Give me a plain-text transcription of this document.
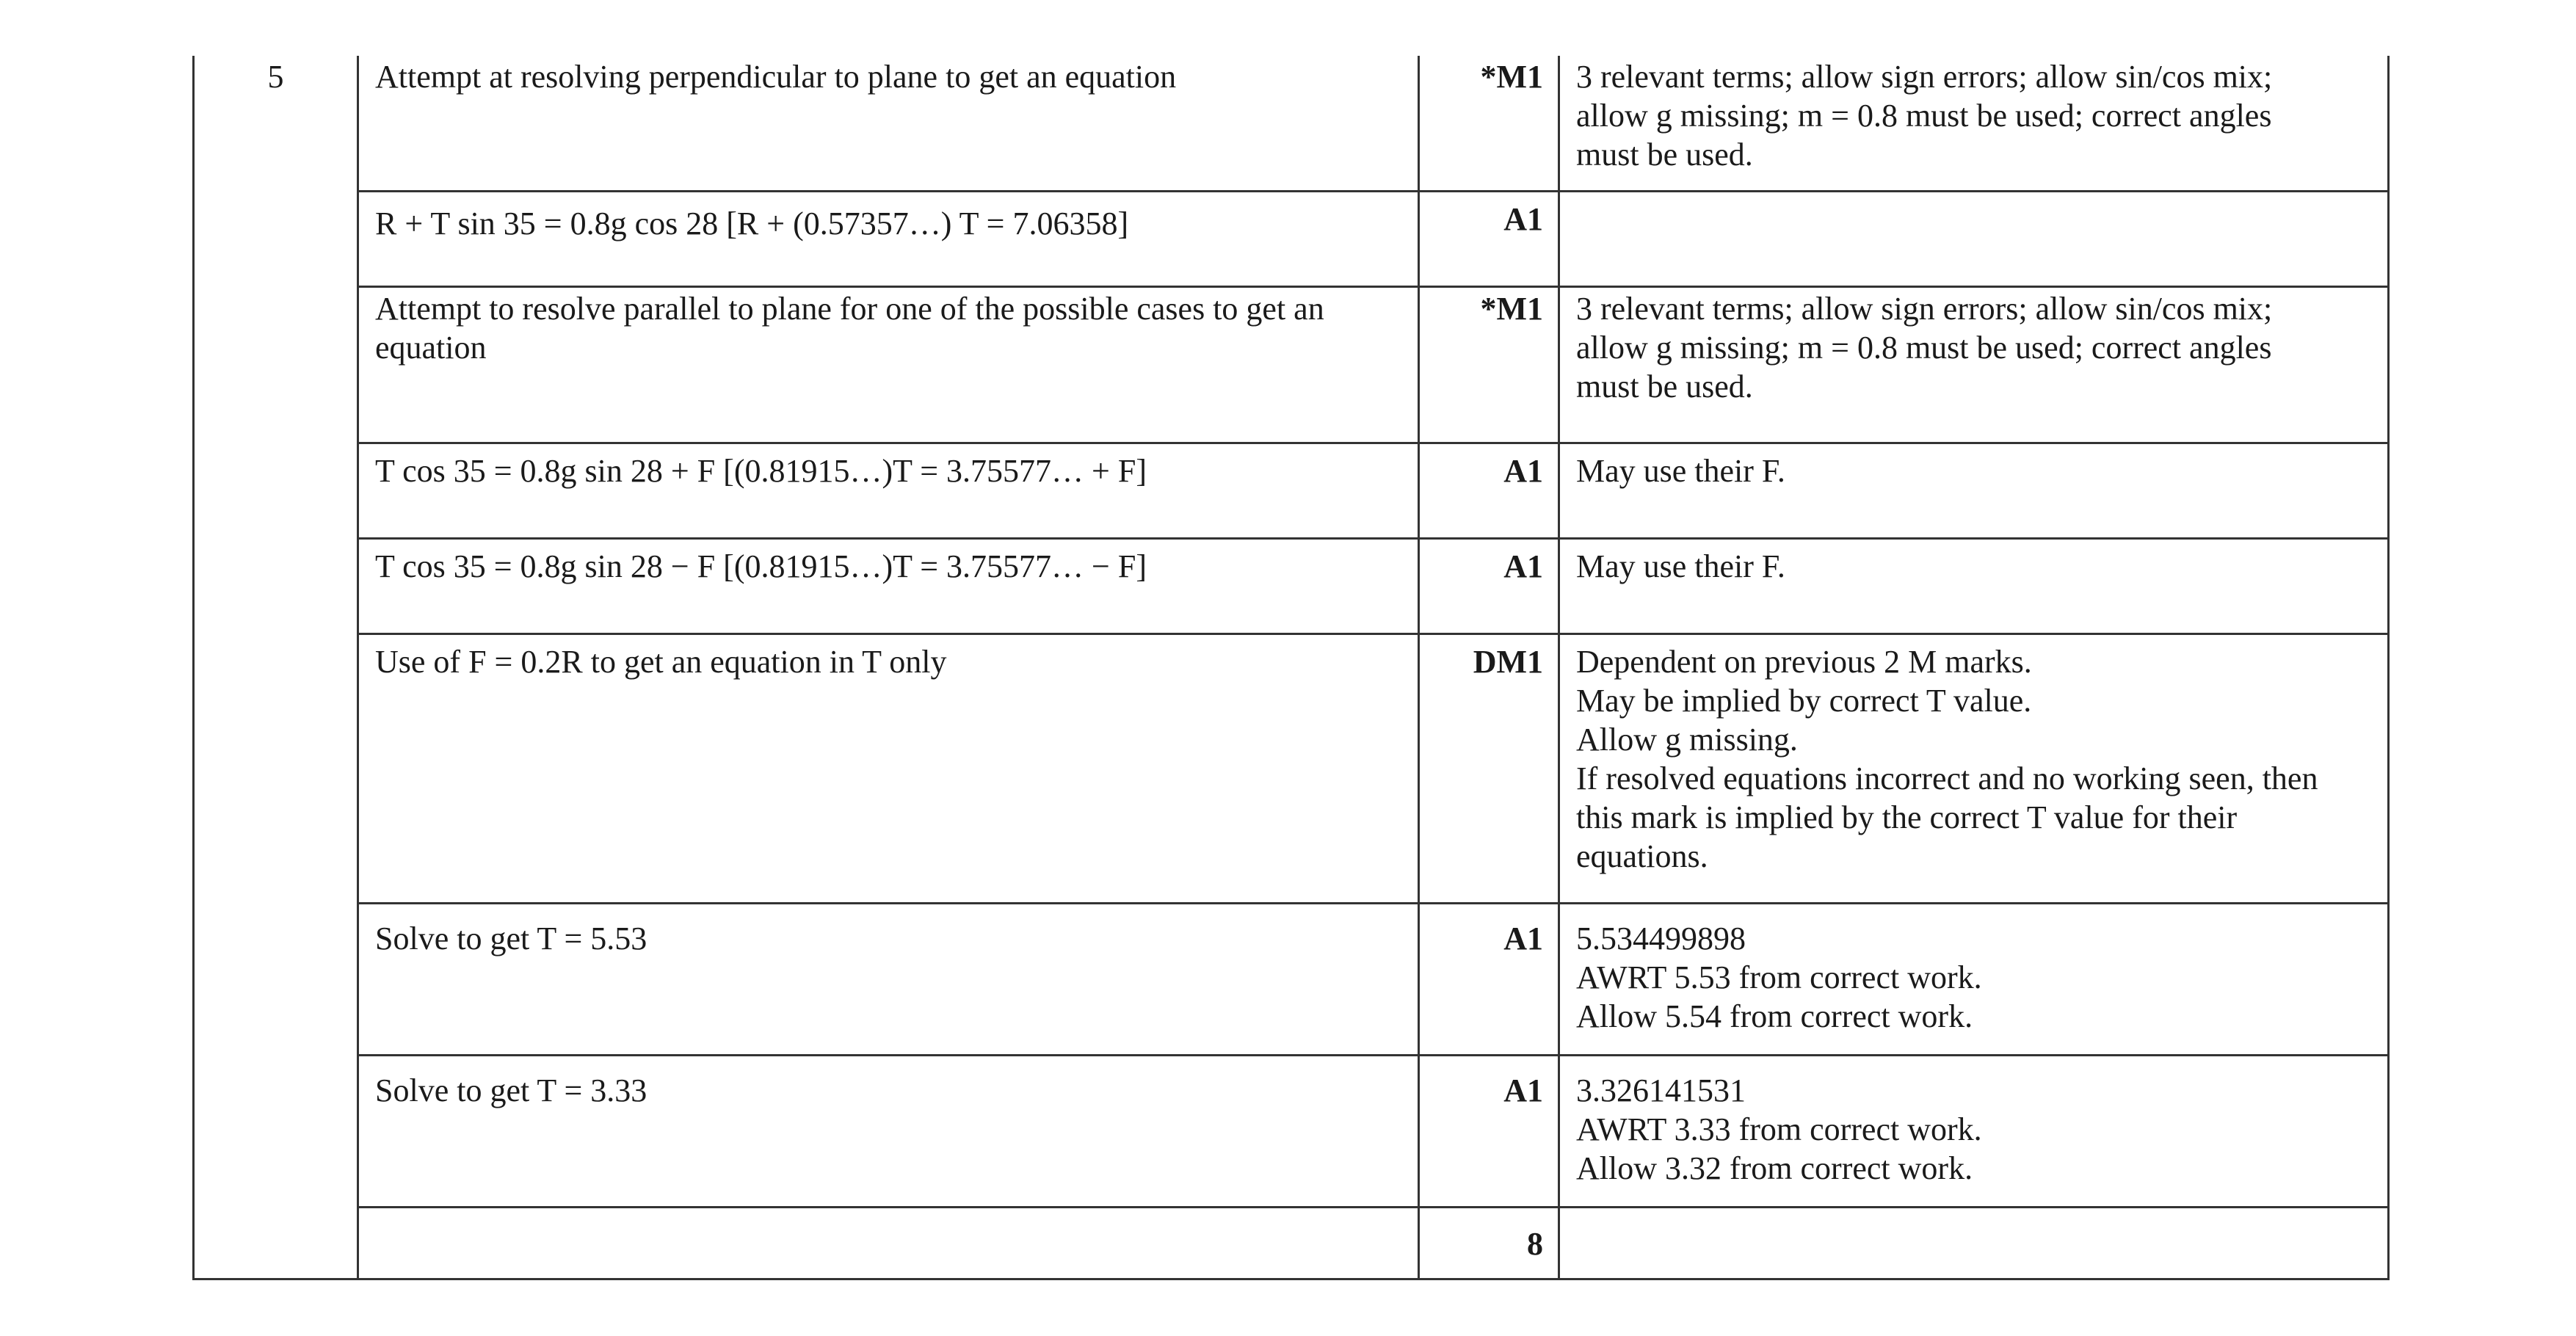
5	Attempt at resolving perpendicular to plane to get an equation	*M1	3 relevant terms; allow sign errors; allow sin/cos mix;
allow g missing; m = 0.8 must be used; correct angles
must be used.
R + T sin 35 = 0.8g cos 28 [R + (0.57357…) T = 7.06358]	A1
Attempt to resolve parallel to plane for one of the possible cases to get an equation
*M1	3 relevant terms; allow sign errors; allow sin/cos mix;
allow g missing; m = 0.8 must be used; correct angles
must be used.
T cos 35 = 0.8g sin 28 + F [(0.81915…)T = 3.75577… + F]	A1	May use their F.
T cos 35 = 0.8g sin 28 − F [(0.81915…)T = 3.75577… − F]	A1	May use their F.
Use of F = 0.2R to get an equation in T only	DM1	Dependent on previous 2 M marks.
May be implied by correct T value.
Allow g missing.
If resolved equations incorrect and no working seen, then
this mark is implied by the correct T value for their
equations.
Solve to get T = 5.53	A1	5.534499898
AWRT 5.53 from correct work.
Allow 5.54 from correct work.
Solve to get T = 3.33	A1	3.326141531
AWRT 3.33 from correct work.
Allow 3.32 from correct work.
8
